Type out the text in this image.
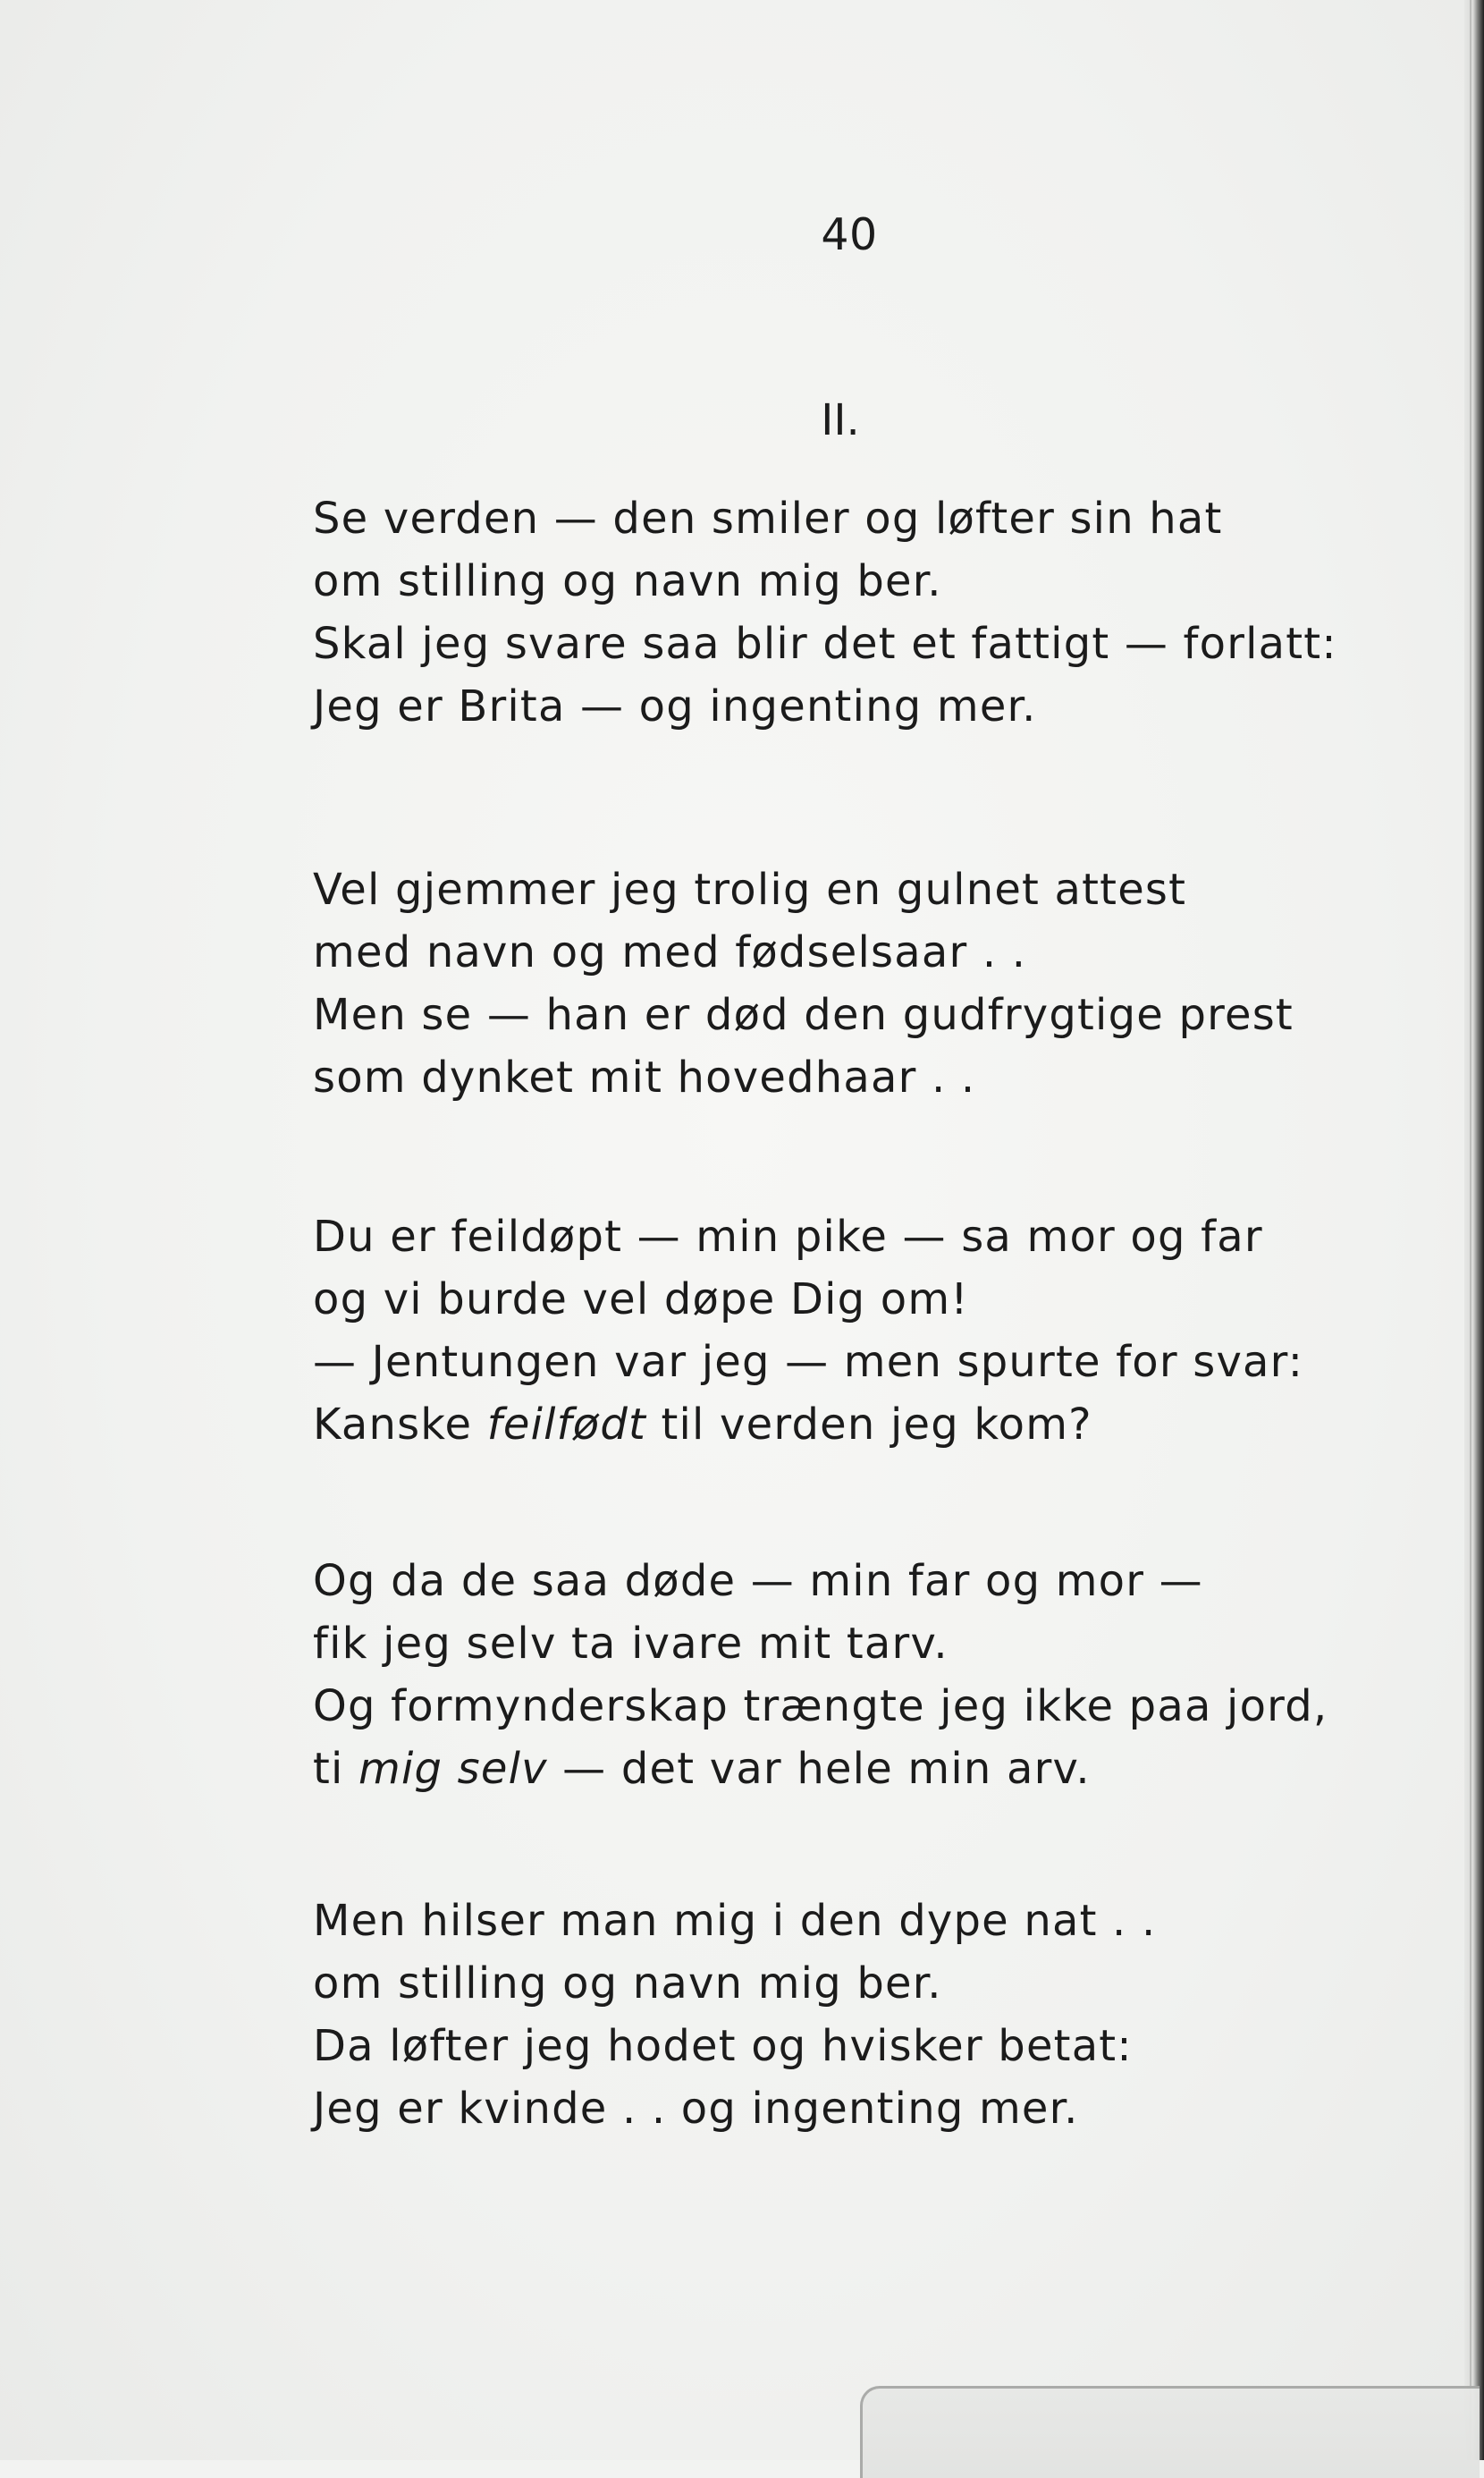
40
II.
Se verden — den smiler og løfter sin hat
om stilling og navn mig ber.
Skal jeg svare saa blir det et fattigt — forlatt:
Jeg er Brita — og ingenting mer.
Vel gjemmer jeg trolig en gulnet attest
med navn og med fødselsaar . .
Men se — han er død den gudfrygtige prest
som dynket mit hovedhaar . .
Du er feildøpt — min pike — sa mor og far
og vi burde vel døpe Dig om!
— Jentungen var jeg — men spurte for svar:
Kanske feilfødt til verden jeg kom?
Og da de saa døde — min far og mor —
fik jeg selv ta ivare mit tarv.
Og formynderskap trængte jeg ikke paa jord,
ti mig selv — det var hele min arv.
Men hilser man mig i den dype nat . .
om stilling og navn mig ber.
Da løfter jeg hodet og hvisker betat:
Jeg er kvinde . . og ingenting mer.
